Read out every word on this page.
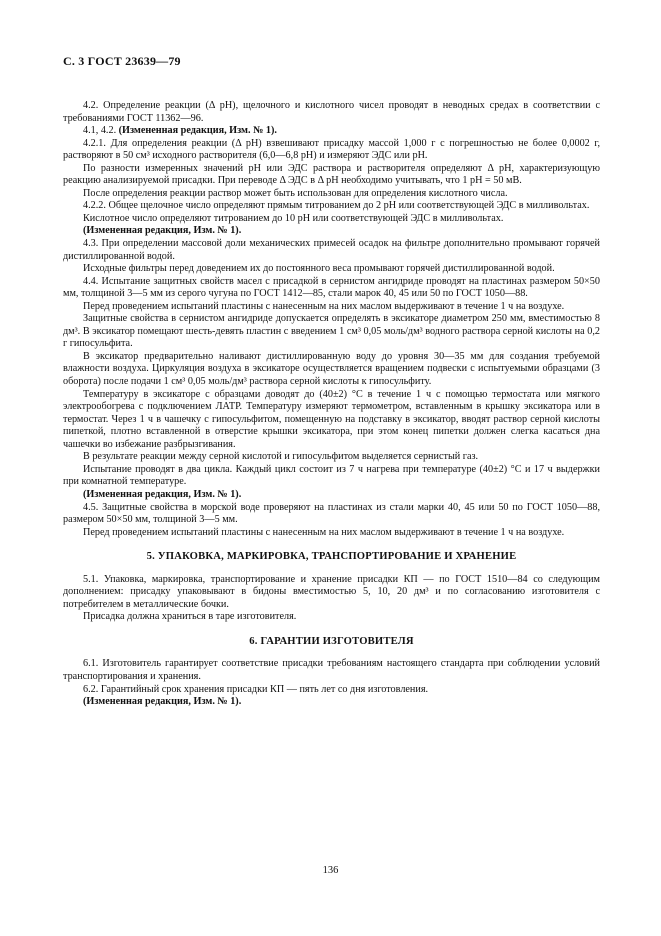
С. 3 ГОСТ 23639—79

4.2. Определение реакции (Δ pH), щелочного и кислотного чисел проводят в неводных средах в соответствии с требованиями ГОСТ 11362—96.

4.1, 4.2. (Измененная редакция, Изм. № 1).

4.2.1. Для определения реакции (Δ pH) взвешивают присадку массой 1,000 г с погрешностью не более 0,0002 г, растворяют в 50 см³ исходного растворителя (6,0—6,8 pH) и измеряют ЭДС или pH.

По разности измеренных значений pH или ЭДС раствора и растворителя определяют Δ pH, характеризующую реакцию анализируемой присадки. При переводе Δ ЭДС в Δ pH необходимо учитывать, что 1 pH = 50 мВ.

После определения реакции раствор может быть использован для определения кислотного числа.

4.2.2. Общее щелочное число определяют прямым титрованием до 2 pH или соответствующей ЭДС в милливольтах.

Кислотное число определяют титрованием до 10 pH или соответствующей ЭДС в милливольтах.

(Измененная редакция, Изм. № 1).

4.3. При определении массовой доли механических примесей осадок на фильтре дополнительно промывают горячей дистиллированной водой.

Исходные фильтры перед доведением их до постоянного веса промывают горячей дистиллированной водой.

4.4. Испытание защитных свойств масел с присадкой в сернистом ангидриде проводят на пластинах размером 50×50 мм, толщиной 3—5 мм из серого чугуна по ГОСТ 1412—85, стали марок 40, 45 или 50 по ГОСТ 1050—88.

Перед проведением испытаний пластины с нанесенным на них маслом выдерживают в течение 1 ч на воздухе.

Защитные свойства в сернистом ангидриде допускается определять в эксикаторе диаметром 250 мм, вместимостью 8 дм³. В эксикатор помещают шесть-девять пластин с введением 1 см³ 0,05 моль/дм³ водного раствора серной кислоты на 0,2 г гипосульфита.

В эксикатор предварительно наливают дистиллированную воду до уровня 30—35 мм для создания требуемой влажности воздуха. Циркуляция воздуха в эксикаторе осуществляется вращением подвески с испытуемыми образцами (3 оборота) после подачи 1 см³ 0,05 моль/дм³ раствора серной кислоты к гипосульфиту.

Температуру в эксикаторе с образцами доводят до (40±2) °С в течение 1 ч с помощью термостата или мягкого электрообогрева с подключением ЛАТР. Температуру измеряют термометром, вставленным в крышку эксикатора или в термостат. Через 1 ч в чашечку с гипосульфитом, помещенную на подставку в эксикатор, вводят раствор серной кислоты пипеткой, плотно вставленной в отверстие крышки эксикатора, при этом конец пипетки должен слегка касаться дна чашечки во избежание разбрызгивания.

В результате реакции между серной кислотой и гипосульфитом выделяется сернистый газ.

Испытание проводят в два цикла. Каждый цикл состоит из 7 ч нагрева при температуре (40±2) °С и 17 ч выдержки при комнатной температуре.

(Измененная редакция, Изм. № 1).

4.5. Защитные свойства в морской воде проверяют на пластинах из стали марки 40, 45 или 50 по ГОСТ 1050—88, размером 50×50 мм, толщиной 3—5 мм.

Перед проведением испытаний пластины с нанесенным на них маслом выдерживают в течение 1 ч на воздухе.

5. УПАКОВКА, МАРКИРОВКА, ТРАНСПОРТИРОВАНИЕ И ХРАНЕНИЕ

5.1. Упаковка, маркировка, транспортирование и хранение присадки КП — по ГОСТ 1510—84 со следующим дополнением: присадку упаковывают в бидоны вместимостью 5, 10, 20 дм³ и по согласованию изготовителя с потребителем в металлические бочки.

Присадка должна храниться в таре изготовителя.

6. ГАРАНТИИ ИЗГОТОВИТЕЛЯ

6.1. Изготовитель гарантирует соответствие присадки требованиям настоящего стандарта при соблюдении условий транспортирования и хранения.

6.2. Гарантийный срок хранения присадки КП — пять лет со дня изготовления.

(Измененная редакция, Изм. № 1).

136
